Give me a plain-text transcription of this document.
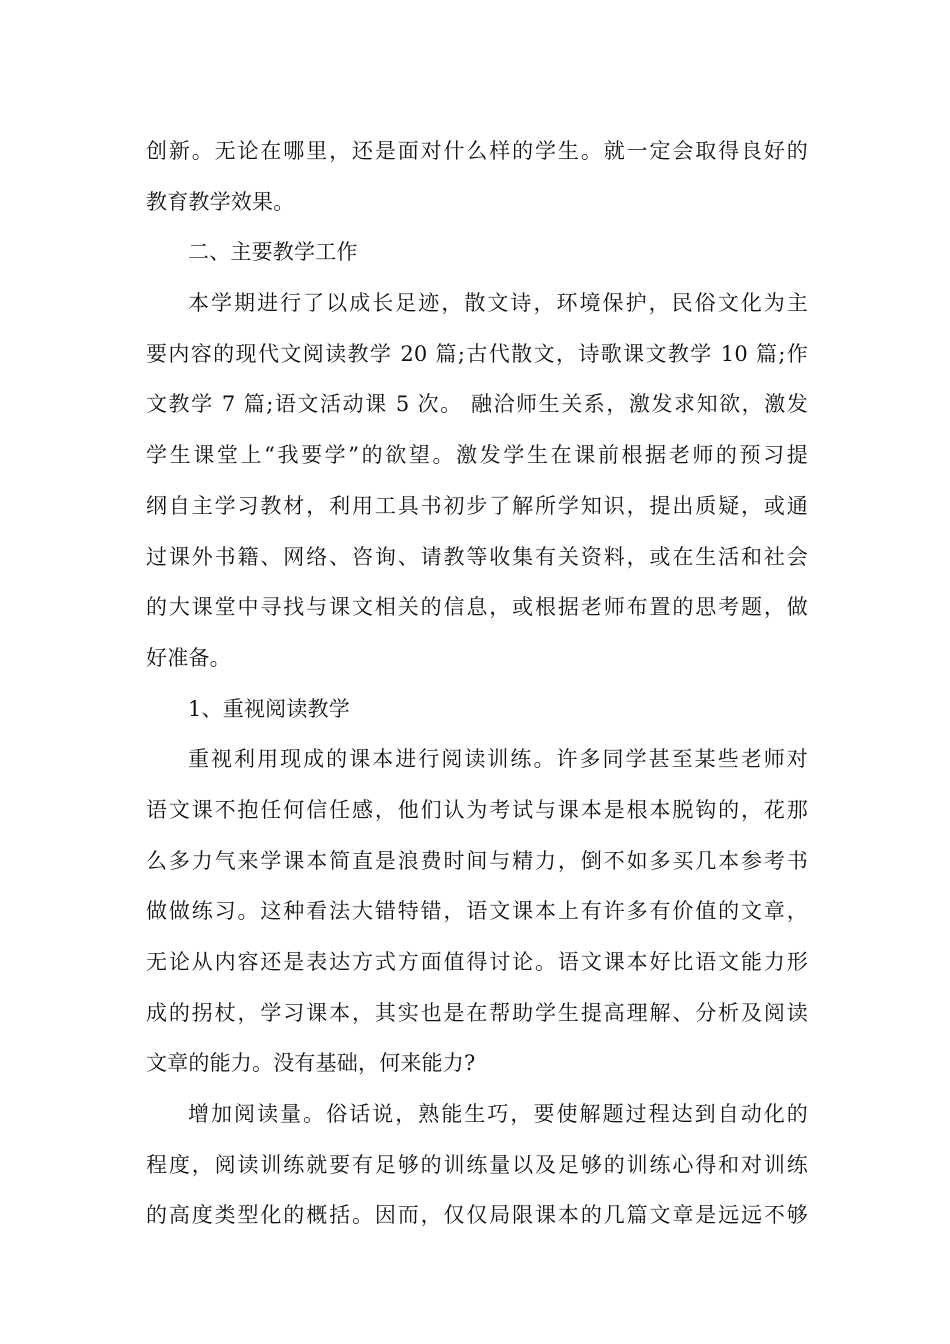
创新。无论在哪里，还是面对什么样的学生。就一定会取得良好的
教育教学效果。
二、主要教学工作
本学期进行了以成长足迹，散文诗，环境保护，民俗文化为主
要内容的现代文阅读教学 20 篇;古代散文，诗歌课文教学 10 篇;作
文教学 7 篇;语文活动课 5 次。 融洽师生关系，激发求知欲，激发
学生课堂上“我要学”的欲望。激发学生在课前根据老师的预习提
纲自主学习教材，利用工具书初步了解所学知识，提出质疑，或通
过课外书籍、网络、咨询、请教等收集有关资料，或在生活和社会
的大课堂中寻找与课文相关的信息，或根据老师布置的思考题，做
好准备。
1、重视阅读教学
重视利用现成的课本进行阅读训练。许多同学甚至某些老师对
语文课不抱任何信任感，他们认为考试与课本是根本脱钩的，花那
么多力气来学课本简直是浪费时间与精力，倒不如多买几本参考书
做做练习。这种看法大错特错，语文课本上有许多有价值的文章，
无论从内容还是表达方式方面值得讨论。语文课本好比语文能力形
成的拐杖，学习课本，其实也是在帮助学生提高理解、分析及阅读
文章的能力。没有基础，何来能力?
增加阅读量。俗话说，熟能生巧，要使解题过程达到自动化的
程度，阅读训练就要有足够的训练量以及足够的训练心得和对训练
的高度类型化的概括。因而，仅仅局限课本的几篇文章是远远不够
